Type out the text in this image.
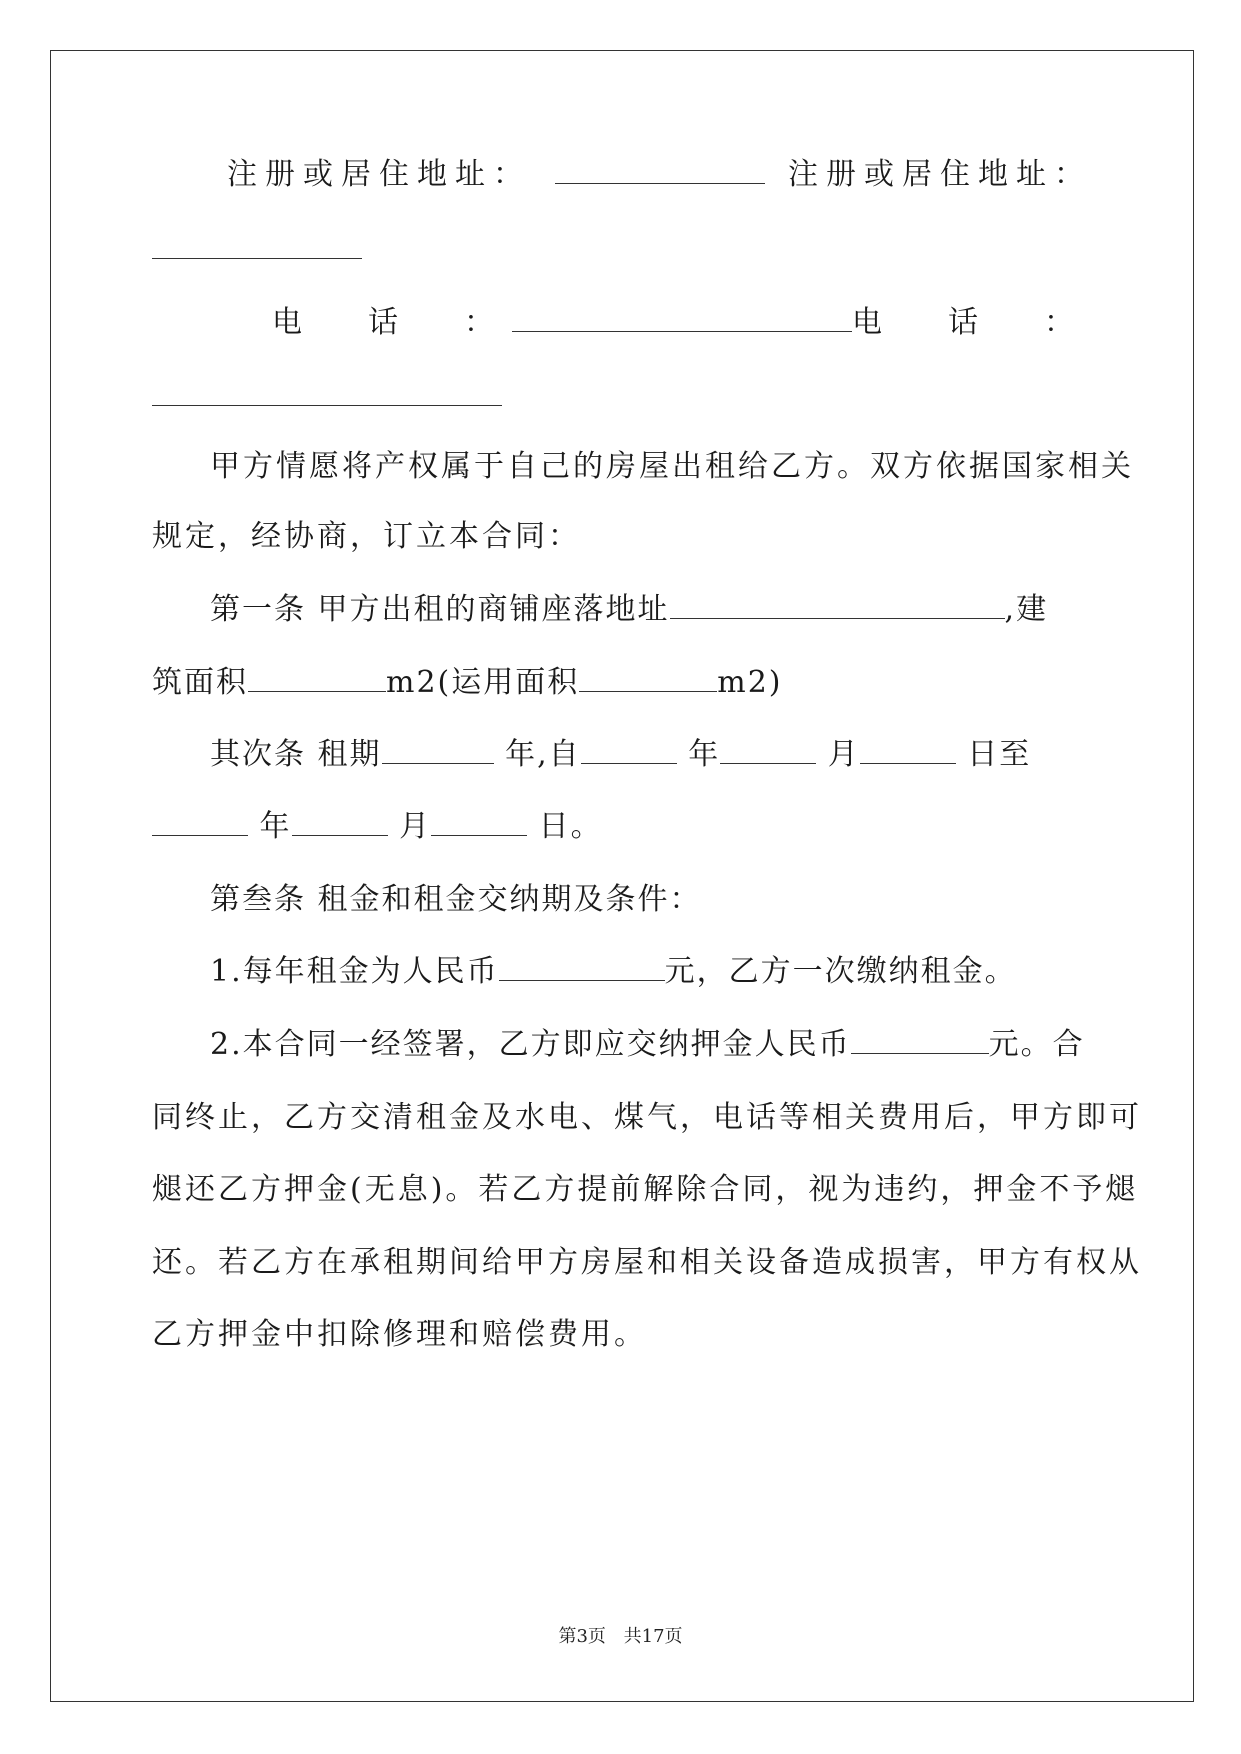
注册或居住地址：	注册或居住地址：
电　话　：	电　话　：
甲方情愿将产权属于自己的房屋出租给乙方。双方依据国家相关
规定，经协商，订立本合同：
第一条 甲方出租的商铺座落地址	,建
筑面积	m2(运用面积	m2)
其次条 租期	年,自	年	月	日至
年	月	日。
第叁条 租金和租金交纳期及条件：
1.每年租金为人民币	元，乙方一次缴纳租金。
2.本合同一经签署，乙方即应交纳押金人民币	元。合
同终止，乙方交清租金及水电、煤气，电话等相关费用后，甲方即可
煺还乙方押金(无息)。若乙方提前解除合同，视为违约，押金不予煺
还。若乙方在承租期间给甲方房屋和相关设备造成损害，甲方有权从
乙方押金中扣除修理和赔偿费用。
第3页 共17页
